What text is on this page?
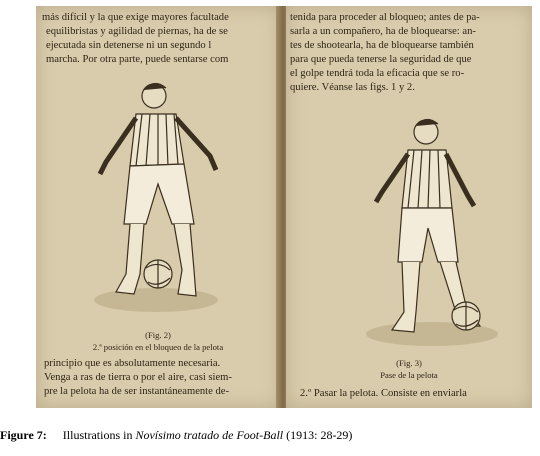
más difícil y la que exige mayores facultade
equilibristas y agilidad de piernas, ha de se
ejecutada sin detenerse ni un segundo l
marcha. Por otra parte, puede sentarse com
(Fig. 2)
2.ª posición en el bloqueo de la pelota
principio que es absolutamente necesaria.
Venga a ras de tierra o por el aire, casi siem-
pre la pelota ha de ser instantáneamente de-
tenida para proceder al bloqueo; antes de pa-
sarla a un compañero, ha de bloquearse: an-
tes de shootearla, ha de bloquearse también
para que pueda tenerse la seguridad de que
el golpe tendrá toda la eficacia que se ro-
quiere. Véanse las figs. 1 y 2.
(Fig. 3)
Pase de la pelota
2.º Pasar la pelota. Consiste en enviarla
Figure 7: Illustrations in Novísimo tratado de Foot-Ball (1913: 28-29)
